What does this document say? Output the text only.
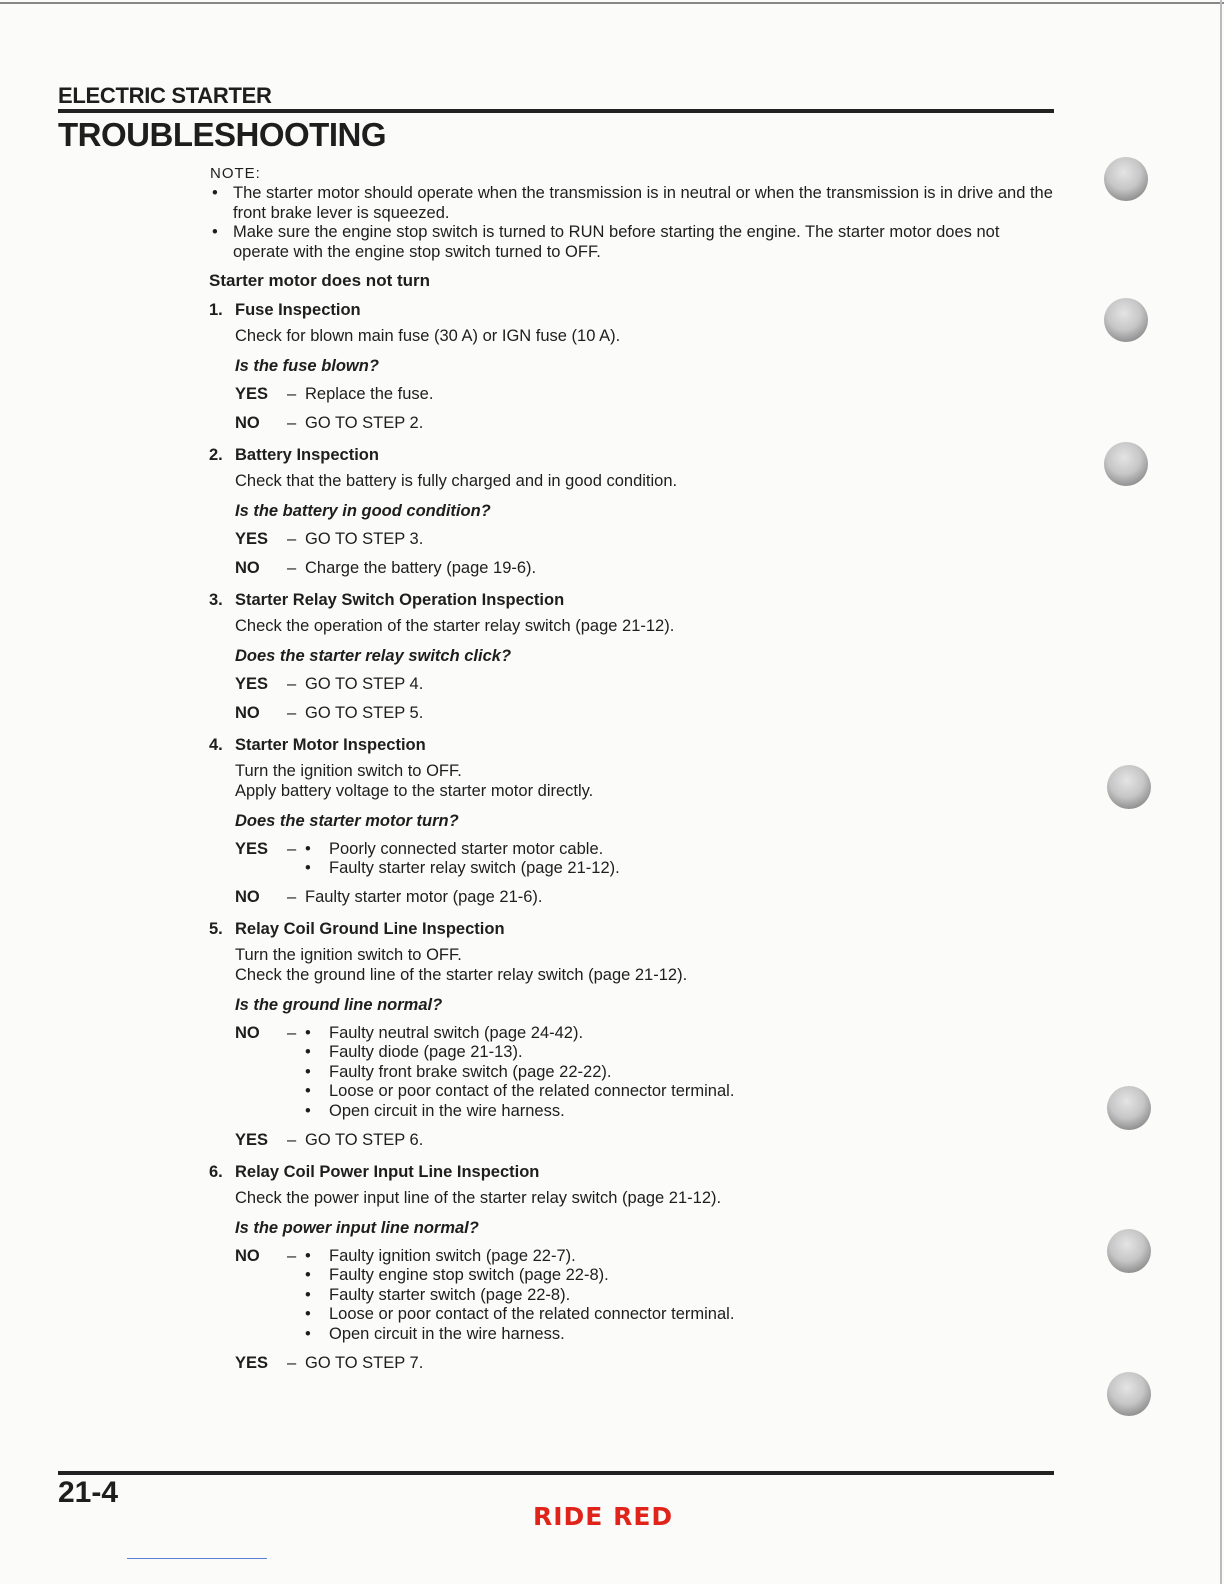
ELECTRIC STARTER
TROUBLESHOOTING
NOTE:
• The starter motor should operate when the transmission is in neutral or when the transmission is in drive and the front brake lever is squeezed.
• Make sure the engine stop switch is turned to RUN before starting the engine. The starter motor does not operate with the engine stop switch turned to OFF.
Starter motor does not turn
1. Fuse Inspection
Check for blown main fuse (30 A) or IGN fuse (10 A).
Is the fuse blown?
YES	– Replace the fuse.
NO	– GO TO STEP 2.
2. Battery Inspection
Check that the battery is fully charged and in good condition.
Is the battery in good condition?
YES	– GO TO STEP 3.
NO	– Charge the battery (page 19-6).
3. Starter Relay Switch Operation Inspection
Check the operation of the starter relay switch (page 21-12).
Does the starter relay switch click?
YES	– GO TO STEP 4.
NO	– GO TO STEP 5.
4. Starter Motor Inspection
Turn the ignition switch to OFF.
Apply battery voltage to the starter motor directly.
Does the starter motor turn?
YES	– • Poorly connected starter motor cable.
• Faulty starter relay switch (page 21-12).
NO	– Faulty starter motor (page 21-6).
5. Relay Coil Ground Line Inspection
Turn the ignition switch to OFF.
Check the ground line of the starter relay switch (page 21-12).
Is the ground line normal?
NO	– • Faulty neutral switch (page 24-42).
• Faulty diode (page 21-13).
• Faulty front brake switch (page 22-22).
• Loose or poor contact of the related connector terminal.
• Open circuit in the wire harness.
YES	– GO TO STEP 6.
6. Relay Coil Power Input Line Inspection
Check the power input line of the starter relay switch (page 21-12).
Is the power input line normal?
NO	– • Faulty ignition switch (page 22-7).
• Faulty engine stop switch (page 22-8).
• Faulty starter switch (page 22-8).
• Loose or poor contact of the related connector terminal.
• Open circuit in the wire harness.
YES	– GO TO STEP 7.
21-4
RIDE RED
